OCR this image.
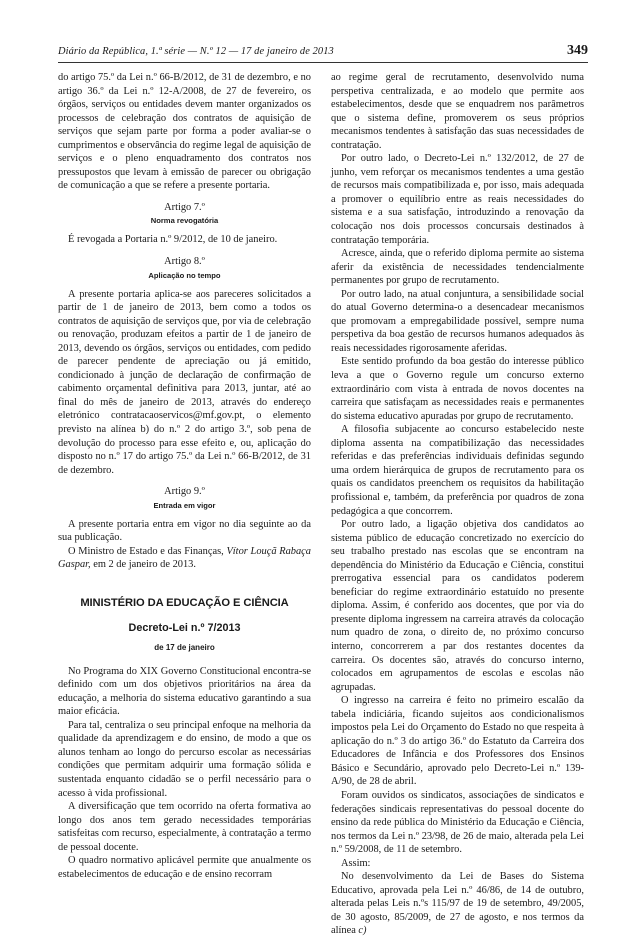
Diário da República, 1.ª série — N.º 12 — 17 de janeiro de 2013	349

do artigo 75.º da Lei n.º 66-B/2012, de 31 de dezembro, e no artigo 36.º da Lei n.º 12-A/2008, de 27 de fevereiro, os órgãos, serviços ou entidades devem manter organizados os processos de celebração dos contratos de aquisição de serviços que sejam parte por forma a poder avaliar-se o cumprimentos e observância do regime legal de aquisição de serviços e o pleno enquadramento dos contratos nos pressupostos que levam à emissão de parecer ou obrigação de comunicação a que se refere a presente portaria.

Artigo 7.º
Norma revogatória

É revogada a Portaria n.º 9/2012, de 10 de janeiro.

Artigo 8.º
Aplicação no tempo

A presente portaria aplica-se aos pareceres solicitados a partir de 1 de janeiro de 2013, bem como a todos os contratos de aquisição de serviços que, por via de celebração ou renovação, produzam efeitos a partir de 1 de janeiro de 2013, devendo os órgãos, serviços ou entidades, com pedido de parecer pendente de apreciação ou já emitido, condicionado à junção de declaração de confirmação de cabimento orçamental definitiva para 2013, juntar, até ao final do mês de janeiro de 2013, através do endereço eletrónico contratacaoservicos@mf.gov.pt, o elemento previsto na alínea b) do n.º 2 do artigo 3.º, sob pena de devolução do processo para esse efeito e, ou, aplicação do disposto no n.º 17 do artigo 75.º da Lei n.º 66-B/2012, de 31 de dezembro.

Artigo 9.º
Entrada em vigor

A presente portaria entra em vigor no dia seguinte ao da sua publicação.

O Ministro de Estado e das Finanças, Vítor Louçã Rabaça Gaspar, em 2 de janeiro de 2013.

MINISTÉRIO DA EDUCAÇÃO E CIÊNCIA
Decreto-Lei n.º 7/2013
de 17 de janeiro

No Programa do XIX Governo Constitucional encontra-se definido com um dos objetivos prioritários na área da educação, a melhoria do sistema educativo garantindo a sua maior eficácia.

Para tal, centraliza o seu principal enfoque na melhoria da qualidade da aprendizagem e do ensino, de modo a que os alunos tenham ao longo do percurso escolar as necessárias condições que permitam adquirir uma formação sólida e sustentada enquanto cidadão se o perfil necessário para o acesso à vida profissional.

A diversificação que tem ocorrido na oferta formativa ao longo dos anos tem gerado necessidades temporárias satisfeitas com recurso, especialmente, à contratação a termo de pessoal docente.

O quadro normativo aplicável permite que anualmente os estabelecimentos de educação e de ensino recorram

ao regime geral de recrutamento, desenvolvido numa perspetiva centralizada, e ao modelo que permite aos estabelecimentos, desde que se enquadrem nos parâmetros que o sistema define, promoverem os seus próprios mecanismos tendentes à satisfação das suas necessidades de contratação.

Por outro lado, o Decreto-Lei n.º 132/2012, de 27 de junho, vem reforçar os mecanismos tendentes a uma gestão de recursos mais compatibilizada e, por isso, mais adequada a promover o equilíbrio entre as reais necessidades do sistema e a sua satisfação, introduzindo a renovação da colocação nos dois processos concursais destinados à contratação temporária.

Acresce, ainda, que o referido diploma permite ao sistema aferir da existência de necessidades tendencialmente permanentes por grupo de recrutamento.

Por outro lado, na atual conjuntura, a sensibilidade social do atual Governo determina-o a desencadear mecanismos que promovam a empregabilidade possível, sempre numa perspetiva da boa gestão de recursos humanos adequados às reais necessidades rigorosamente aferidas.

Este sentido profundo da boa gestão do interesse público leva a que o Governo regule um concurso externo extraordinário com vista à entrada de novos docentes na carreira que satisfaçam as necessidades reais e permanentes do sistema educativo apuradas por grupo de recrutamento.

A filosofia subjacente ao concurso estabelecido neste diploma assenta na compatibilização das necessidades referidas e das preferências individuais definidas segundo uma ordem hierárquica de grupos de recrutamento para os quais os candidatos preenchem os requisitos da habilitação profissional e, também, da preferência por quadros de zona pedagógica a que concorrem.

Por outro lado, a ligação objetiva dos candidatos ao sistema público de educação concretizado no exercício do seu trabalho prestado nas escolas que se encontram na dependência do Ministério da Educação e Ciência, constitui prerrogativa essencial para os candidatos poderem beneficiar do regime extraordinário estatuído no presente diploma. Assim, é conferido aos docentes, que por via do presente diploma ingressem na carreira através da colocação num quadro de zona, o direito de, no próximo concurso interno, concorrerem a par dos restantes docentes da carreira. Os docentes são, através do concurso interno, colocados em agrupamentos de escolas e escolas não agrupadas.

O ingresso na carreira é feito no primeiro escalão da tabela indiciária, ficando sujeitos aos condicionalismos impostos pela Lei do Orçamento do Estado no que respeita à aplicação do n.º 3 do artigo 36.º do Estatuto da Carreira dos Educadores de Infância e dos Professores dos Ensinos Básico e Secundário, aprovado pelo Decreto-Lei n.º 139-A/90, de 28 de abril.

Foram ouvidos os sindicatos, associações de sindicatos e federações sindicais representativas do pessoal docente do ensino da rede pública do Ministério da Educação e Ciência, nos termos da Lei n.º 23/98, de 26 de maio, alterada pela Lei n.º 59/2008, de 11 de setembro.

Assim:

No desenvolvimento da Lei de Bases do Sistema Educativo, aprovada pela Lei n.º 46/86, de 14 de outubro, alterada pelas Leis n.ºs 115/97 de 19 de setembro, 49/2005, de 30 agosto, 85/2009, de 27 de agosto, e nos termos da alínea c)
